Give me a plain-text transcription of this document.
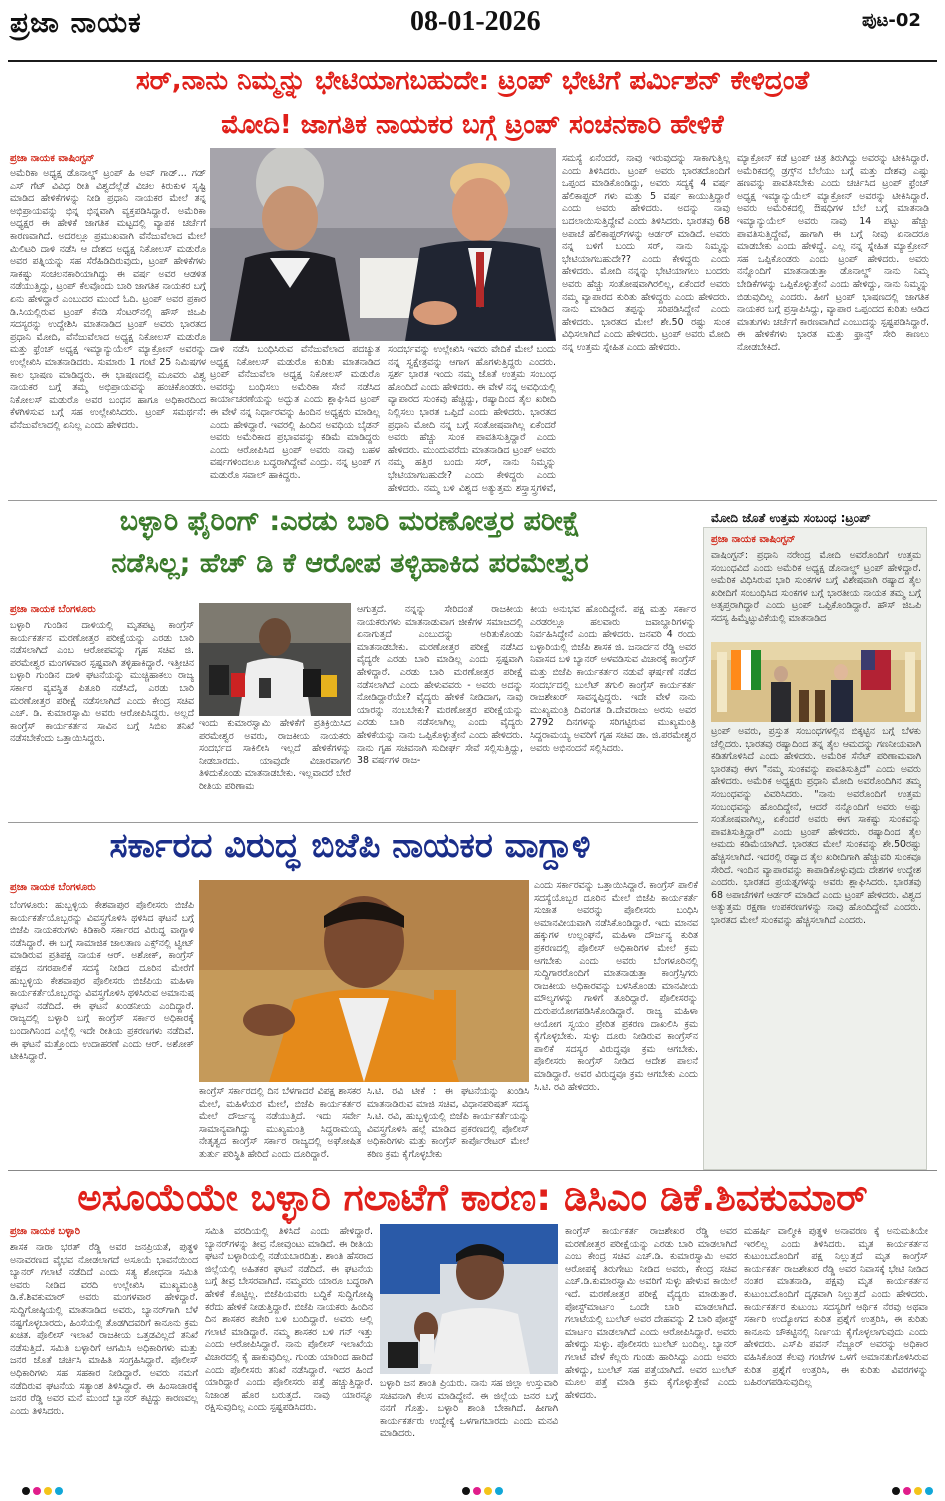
ಪ್ರಜಾ ನಾಯಕ	08-01-2026	ಪುಟ-02
ಸರ್,ನಾನು ನಿಮ್ಮನ್ನು ಭೇಟಿಯಾಗಬಹುದೇ: ಟ್ರಂಪ್ ಭೇಟಿಗೆ ಪರ್ಮಿಶನ್ ಕೇಳಿದ್ರಂತೆ
ಮೋದಿ! ಜಾಗತಿಕ ನಾಯಕರ ಬಗ್ಗೆ ಟ್ರಂಪ್ ಸಂಚನಕಾರಿ ಹೇಳಿಕೆ
ಪ್ರಜಾ ನಾಯಕ ವಾಷಿಂಗ್ಟನ್
ಅಮೆರಿಕಾ ಅಧ್ಯಕ್ಷ ಡೊನಾಲ್ಡ್ ಟ್ರಂಪ್ ಹಿ ಅವ್ ಗಾಡ್... ಗಡ್ ಎಸ್ ಗೆಟ್ ವಿವಿಧ ರೀತಿ ವಿಶ್ವದೆಲ್ಲೆಡೆ ವಿಚಲ ಕಿರುಕುಳ ಸೃಷ್ಟಿ ಮಾಡಿದ ಹೇಳಿಕೆಗಳನ್ನು ನೀಡಿ ಪ್ರಧಾನಿ ನಾಯಕರ ಮೇಲೆ ತನ್ನ ಅಭಿಪ್ರಾಯವನ್ನು ಭಿನ್ನ ಭಿನ್ನವಾಗಿ ವ್ಯಕ್ತಪಡಿಸಿದ್ದಾರೆ. ಅಮೆರಿಕಾ ಅಧ್ಯಕ್ಷರ ಈ ಹೇಳಿಕೆ ಜಾಗತಿಕ ಮಟ್ಟದಲ್ಲಿ ವ್ಯಾಪಕ ಚರ್ಚೆಗೆ ಕಾರಣವಾಗಿದೆ. ಅದರಲ್ಲೂ ಪ್ರಮುಖವಾಗಿ ವೆನೆಜುವೆಲಾದ ಮೇಲೆ ಮಿಲಿಟರಿ ದಾಳಿ ನಡೆಸಿ ಆ ದೇಶದ ಅಧ್ಯಕ್ಷ ನಿಕೋಲಸ್ ಮಡುರೊ ಅವರ ಪತ್ನಿಯನ್ನು ಸಹ ಸೆರೆಹಿಡಿದಿರುವುದು, ಟ್ರಂಪ್ ಹೇಳಿಕೆಗಳು ಸಾಕಷ್ಟು ಸಂಚಲನಕಾರಿಯಾಗಿದ್ದು ಈ ವರ್ಷ ಅವರ ಆಡಳಿತ ನಡೆಯುತ್ತಿದ್ದು, ಟ್ರಂಪ್ ಕೆಲವೊಂದು ಬಾರಿ ಜಾಗತಿಕ ನಾಯಕರ ಬಗ್ಗೆ ಏನು ಹೇಳಿದ್ದಾರೆ ಎಂಬುದರ ಮುಂದೆ ಓದಿ. ಟ್ರಂಪ್ ಅವರ ಪ್ರಕಾರ ಡಿ.ಸಿಯಲ್ಲಿರುವ ಟ್ರಂಪ್ ಕೆನಡಿ ಸೆಂಟರ್‌ನಲ್ಲಿ ಹೌಸ್ ಜಿಒಪಿ ಸದಸ್ಯರನ್ನು ಉದ್ದೇಶಿಸಿ ಮಾತನಾಡಿದ ಟ್ರಂಪ್ ಅವರು ಭಾರತದ ಪ್ರಧಾನಿ ಮೋದಿ, ವೆನೆಜುವೆಲಾದ ಅಧ್ಯಕ್ಷ ನಿಕೋಲಸ್ ಮಡುರೊ ಮತ್ತು ಫ್ರೆಂಚ್ ಅಧ್ಯಕ್ಷ ಇಮ್ಯಾನ್ಯುಯೆಲ್ ಮ್ಯಾಕ್ರೋನ್ ಅವರನ್ನು ಉಲ್ಲೇಖಿಸಿ ಮಾತನಾಡಿದರು. ಸುಮಾರು 1 ಗಂಟೆ 25 ನಿಮಿಷಗಳ ಕಾಲ ಭಾಷಣ ಮಾಡಿದ್ದರು. ಈ ಭಾಷಣದಲ್ಲಿ ಮೂವರು ವಿಶ್ವ ನಾಯಕರ ಬಗ್ಗೆ ತಮ್ಮ ಅಭಿಪ್ರಾಯವನ್ನು ಹಂಚಿಕೊಂಡರು. ನಿಕೋಲಸ್ ಮಡುರೊ ಅವರ ಬಂಧನ ಹಾಗೂ ಅಧಿಕಾರದಿಂದ ಕೆಳಗಿಳಿಸುವ ಬಗ್ಗೆ ಸಹ ಉಲ್ಲೇಖಿಸಿದರು. ಟ್ರಂಪ್ ಸಮರ್ಥನೆ: ವೆನೆಜುವೆಲಾದಲ್ಲಿ ಏನಿಲ್ಲ ಎಂದು ಹೇಳಿದರು.
ದಾಳಿ ನಡೆಸಿ ಬಂಧಿಸಿರುವ ವೆನೆಜುವೆಲಾದ ಪದಚ್ಯುತ ಅಧ್ಯಕ್ಷ ನಿಕೋಲಸ್ ಮಡುರೊ ಕುರಿತು ಮಾತನಾಡಿದ ಟ್ರಂಪ್ ವೆನೆಜುವೆಲಾ ಅಧ್ಯಕ್ಷ ನಿಕೋಲಸ್ ಮಡುರೊ ಅವರನ್ನು ಬಂಧಿಸಲು ಅಮೆರಿಕಾ ಸೇನೆ ನಡೆಸಿದ ಕಾರ್ಯಾಚರಣೆಯನ್ನು ಅದ್ಭುತ ಎಂದು ಶ್ಲಾಘಿಸಿದ ಟ್ರಂಪ್ ಈ ವೇಳೆ ನನ್ನ ನಿರ್ಧಾರವನ್ನು ಹಿಂದಿನ ಅಧ್ಯಕ್ಷರು ಮಾಡಿಲ್ಲ ಎಂದು ಹೇಳಿದ್ದಾರೆ. ಇವರಲ್ಲಿ ಹಿಂದಿನ ಅವಧಿಯ ಬೈಡನ್ ಅವರು ಅಮೆರಿಕಾದ ಪ್ರಭಾವವನ್ನು ಕಡಿಮೆ ಮಾಡಿದ್ದರು ಎಂದು ಆರೋಪಿಸಿದ ಟ್ರಂಪ್ ಅವರು ನಾವು ಬಹಳ ವರ್ಷಗಳಿಂದಲೂ ಬದ್ಧರಾಗಿದ್ದೇವೆ ಎಂದ್ರು. ನನ್ನ ಟ್ರಂಪ್ ಗ ಮಡುರೊ ಸವಾಲ್ ಹಾಕಿದ್ದರು.
ಸಂದರ್ಭವನ್ನು ಉಲ್ಲೇಖಿಸಿ ಇವರು ವೇದಿಕೆ ಮೇಲೆ ಬಂದು ನನ್ನ ಸ್ವಕ್ಷೇತ್ರವನ್ನು ಆಗಾಗ ಹೊಗಳುತ್ತಿದ್ದರು ಎಂದರು. ಸ್ಪರ್ಶ ಭಾರತ ಇಂದು ನಮ್ಮ ಜೊತೆ ಉತ್ತಮ ಸಂಬಂಧ ಹೊಂದಿದೆ ಎಂದು ಹೇಳಿದರು. ಈ ವೇಳೆ ನನ್ನ ಅವಧಿಯಲ್ಲಿ ವ್ಯಾಪಾರದ ಸುಂಕವು ಹೆಚ್ಚಿದ್ದು, ರಷ್ಯಾದಿಂದ ತೈಲ ಖರೀದಿ ನಿಲ್ಲಿಸಲು ಭಾರತ ಒಪ್ಪಿದೆ ಎಂದು ಹೇಳಿದರು. ಭಾರತದ ಪ್ರಧಾನಿ ಮೋದಿ ನನ್ನ ಬಗ್ಗೆ ಸಂತೋಷವಾಗಿಲ್ಲ ಏಕೆಂದರೆ ಅವರು ಹೆಚ್ಚು ಸುಂಕ ಪಾವತಿಸುತ್ತಿದ್ದಾರೆ ಎಂದು ಹೇಳಿದರು. ಮುಂದುವರೆದು ಮಾತನಾಡಿದ ಟ್ರಂಪ್ ಅವರು ನಮ್ಮ ಹತ್ತಿರ ಬಂದು ಸರ್, ನಾನು ನಿಮ್ಮನ್ನು ಭೇಟಿಯಾಗಬಹುದೇ? ಎಂದು ಕೇಳಿದ್ದರು ಎಂದು ಹೇಳಿದರು. ನಮ್ಮ ಬಳಿ ವಿಶ್ವದ ಅತ್ಯುತ್ತಮ ಶಸ್ತ್ರಾಸ್ತ್ರಗಳಿವೆ,
ಸಮಸ್ಯೆ ಏನೆಂದರೆ, ನಾವು ಇರುವುದನ್ನು ಸಾಕಾಗುತ್ತಿಲ್ಲ ಎಂದು ತಿಳಿಸಿದರು. ಟ್ರಂಪ್ ಅವರು ಭಾರತದೊಂದಿಗೆ ಒಪ್ಪಂದ ಮಾಡಿಕೊಂಡಿದ್ದು, ಅವರು ಸದ್ಯಕ್ಕೆ 4 ವರ್ಷ ಹೆಲಿಕಾಪ್ಟರ್ ಗಳು ಮತ್ತು 5 ವರ್ಷ ಕಾಯುತ್ತಿದ್ದಾರೆ ಎಂದು ಅವರು ಹೇಳಿದರು. ಅದನ್ನು ನಾವು ಬದಲಾಯಿಸುತ್ತಿದ್ದೇವೆ ಎಂದು ತಿಳಿಸಿದರು. ಭಾರತವು 68 ಅಪಾಚೆ ಹೆಲಿಕಾಪ್ಟರ್‌ಗಳನ್ನು ಆರ್ಡರ್ ಮಾಡಿದೆ. ಅವರು ನನ್ನ ಬಳಿಗೆ ಬಂದು ಸರ್, ನಾನು ನಿಮ್ಮನ್ನು ಭೇಟಿಯಾಗಬಹುದೇ?? ಎಂದು ಕೇಳಿದ್ದರು ಎಂದು ಹೇಳಿದರು. ಮೋದಿ ನನ್ನನ್ನು ಭೇಟಿಯಾಗಲು ಬಂದರು ಅವರು ಹೆಚ್ಚು ಸಂತೋಷವಾಗಿರಲಿಲ್ಲ, ಏಕೆಂದರೆ ಅವರು ನಮ್ಮ ವ್ಯಾಪಾರದ ಕುರಿತು ಹೇಳಿದ್ದರು ಎಂದು ಹೇಳಿದರು. ನಾನು ಮಾಡಿದ ತಪ್ಪನ್ನು ಸರಿಪಡಿಸಿದ್ದೇನೆ ಎಂದು ಹೇಳಿದರು. ಭಾರತದ ಮೇಲೆ ಶೇ.50 ರಷ್ಟು ಸುಂಕ ವಿಧಿಸಲಾಗಿದೆ ಎಂದು ಹೇಳಿದರು. ಟ್ರಂಪ್ ಅವರು ಮೋದಿ ನನ್ನ ಉತ್ತಮ ಸ್ನೇಹಿತ ಎಂದು ಹೇಳಿದರು.
ಮ್ಯಾಕ್ರೋನ್ ಕಡೆ ಟ್ರಂಪ್ ಚಿತ್ರ ತಿರುಗಿದ್ದು ಅವರನ್ನು ಟೀಕಿಸಿದ್ದಾರೆ. ಅಮೆರಿಕದಲ್ಲಿ ಡ್ರಗ್ಸ್‌ನ ಬೆಲೆಯು ಬಗ್ಗೆ ಮತ್ತು ದೇಶವು ಎಷ್ಟು ಹಣವನ್ನು ಪಾವತಿಸಬೇಕು ಎಂದು ಚರ್ಚಿಸಿದ ಟ್ರಂಪ್ ಫ್ರೆಂಚ್ ಅಧ್ಯಕ್ಷ ಇಮ್ಯಾನ್ಯುಯೆಲ್ ಮ್ಯಾಕ್ರೋನ್ ಅವರನ್ನು ಟೀಕಿಸಿದ್ದಾರೆ. ಅವರು ಅಮೆರಿಕದಲ್ಲಿ ಔಷಧಿಗಳ ಬೆಲೆ ಬಗ್ಗೆ ಮಾತನಾಡಿ ಇಮ್ಯಾನ್ಯುಯೆಲ್ ಅವರು ನಾವು 14 ಪಟ್ಟು ಹೆಚ್ಚು ಪಾವತಿಸುತ್ತಿದ್ದೇವೆ, ಹಾಗಾಗಿ ಈ ಬಗ್ಗೆ ನೀವು ಏನಾದರೂ ಮಾಡಬೇಕು ಎಂದು ಹೇಳಿದ್ದೆ. ಎಲ್ಲ ನನ್ನ ಸ್ನೇಹಿತ ಮ್ಯಾಕ್ರೋನ್ ಸಹ ಒಪ್ಪಿಕೊಂಡರು ಎಂದು ಟ್ರಂಪ್ ಹೇಳಿದರು. ಅವರು ನನ್ನೊಂದಿಗೆ ಮಾತನಾಡುತ್ತಾ ಡೊನಾಲ್ಡ್ ನಾನು ನಿಮ್ಮ ಬೇಡಿಕೆಗಳನ್ನು ಒಪ್ಪಿಕೊಳ್ಳುತ್ತೇನೆ ಎಂದು ಹೇಳಿದ್ದು, ನಾನು ನಿಮ್ಮನ್ನು ಬಿಡುವುದಿಲ್ಲ ಎಂದರು. ಹೀಗೆ ಟ್ರಂಪ್ ಭಾಷಣದಲ್ಲಿ ಜಾಗತಿಕ ನಾಯಕರ ಬಗ್ಗೆ ಪ್ರಸ್ತಾಪಿಸಿದ್ದು, ವ್ಯಾಪಾರ ಒಪ್ಪಂದದ ಕುರಿತು ಆಡಿದ ಮಾತುಗಳು ಚರ್ಚೆಗೆ ಕಾರಣವಾಗಿದೆ ಎಂಬುದನ್ನು ಸ್ಪಷ್ಟಪಡಿಸಿದ್ದಾರೆ. ಈ ಹೇಳಿಕೆಗಳು ಭಾರತ ಮತ್ತು ಫ್ರಾನ್ಸ್ ಸೇರಿ ಕಾಣಲು ನೋಡಬೇಕಿದೆ.
ಬಳ್ಳಾರಿ ಫೈರಿಂಗ್ :ಎರಡು ಬಾರಿ ಮರಣೋತ್ತರ ಪರೀಕ್ಷೆ
ನಡೆಸಿಲ್ಲ; ಹೆಚ್ ಡಿ ಕೆ ಆರೋಪ ತಳ್ಳಿಹಾಕಿದ ಪರಮೇಶ್ವರ
ಪ್ರಜಾ ನಾಯಕ ಬೆಂಗಳೂರು
ಬಳ್ಳಾರಿ ಗುಂಡಿನ ದಾಳಿಯಲ್ಲಿ ಮೃತಪಟ್ಟ ಕಾಂಗ್ರೆಸ್ ಕಾರ್ಯಕರ್ತನ ಮರಣೋತ್ತರ ಪರೀಕ್ಷೆಯನ್ನು ಎರಡು ಬಾರಿ ನಡೆಸಲಾಗಿದೆ ಎಂಬ ಆರೋಪವನ್ನು ಗೃಹ ಸಚಿವ ಜಿ. ಪರಮೇಶ್ವರ ಮಂಗಳವಾರ ಸ್ಪಷ್ಟವಾಗಿ ತಳ್ಳಿಹಾಕಿದ್ದಾರೆ. ಇತ್ತೀಚಿನ ಬಳ್ಳಾರಿ ಗುಂಡಿನ ದಾಳಿ ಘಟನೆಯನ್ನು ಮುಚ್ಚಿಹಾಕಲು ರಾಜ್ಯ ಸರ್ಕಾರ ವ್ಯವಸ್ಥಿತ ಪಿತೂರಿ ನಡೆಸಿದೆ, ಎರಡು ಬಾರಿ ಮರಣೋತ್ತರ ಪರೀಕ್ಷೆ ನಡೆಸಲಾಗಿದೆ ಎಂದು ಕೇಂದ್ರ ಸಚಿವ ಎಚ್. ಡಿ. ಕುಮಾರಸ್ವಾಮಿ ಅವರು ಆರೋಪಿಸಿದ್ದರು. ಅಲ್ಲದೆ ಕಾಂಗ್ರೆಸ್ ಕಾರ್ಯಕರ್ತನ ಸಾವಿನ ಬಗ್ಗೆ ಸಿಬಿಐ ತನಿಖೆ ನಡೆಸಬೇಕೆಂದು ಒತ್ತಾಯಿಸಿದ್ದರು.
ಇಂದು ಕುಮಾರಸ್ವಾಮಿ ಹೇಳಿಕೆಗೆ ಪ್ರತಿಕ್ರಿಯಿಸಿದ ಪರಮೇಶ್ವರ ಅವರು, ರಾಜಕೀಯ ನಾಯಕರು ಸಂದರ್ಭದ ಸಾಕಿಲೀಸಿ ಇಲ್ಲದೆ ಹೇಳಿಕೆಗಳನ್ನು ನೀಡಬಾರದು. ಯಾವುದೇ ವಿಚಾರವಾಗಲಿ ತಿಳಿದುಕೊಂಡು ಮಾತನಾಡಬೇಕು. ಇಲ್ಲವಾದರೆ ಬೇರೆ ರೀತಿಯ ಪರಿಣಾಮ
ಆಗುತ್ತದೆ. ನನ್ನನ್ನು ಸೇರಿದಂತೆ ರಾಜಕೀಯ ನಾಯಕರುಗಳು ಮಾತನಾಡುವಾಗ ಜೀಕೆಗಳ ಸಮಾಜದಲ್ಲಿ ಏನಾಗುತ್ತದೆ ಎಂಬುದನ್ನು ಅರಿತುಕೊಂಡು ಮಾತನಾಡಬೇಕು. ಮರಣೋತ್ತರ ಪರೀಕ್ಷೆ ನಡೆಸಿದ ವೈದ್ಯರೇ ಎರಡು ಬಾರಿ ಮಾಡಿಲ್ಲ ಎಂದು ಸ್ಪಷ್ಟವಾಗಿ ಹೇಳಿದ್ದಾರೆ. ಎರಡು ಬಾರಿ ಮರಣೋತ್ತರ ಪರೀಕ್ಷೆ ನಡೆಸಲಾಗಿದೆ ಎಂದು ಹೇಳುವವರು - ಅವರು ಅದನ್ನು ನೋಡಿದ್ದಾರೆಯೇ? ವೈದ್ಯರು ಹೇಳಿಕೆ ನೀಡಿದಾಗ, ನಾವು ಯಾರನ್ನು ನಂಬಬೇಕು? ಮರಣೋತ್ತರ ಪರೀಕ್ಷೆಯನ್ನು ಎರಡು ಬಾರಿ ನಡೆಸಲಾಗಿಲ್ಲ ಎಂದು ವೈದ್ಯರು ಹೇಳಿಕೆಯನ್ನು ನಾನು ಒಪ್ಪಿಕೊಳ್ಳುತ್ತೇನೆ ಎಂದು ಹೇಳಿದರು. ನಾನು ಗೃಹ ಸಚಿವನಾಗಿ ಸುದೀರ್ಘ ಸೇವೆ ಸಲ್ಲಿಸುತ್ತಿದ್ದು, 38 ವರ್ಷಗಳ ರಾಜ-
ಕೀಯ ಅನುಭವ ಹೊಂದಿದ್ದೇನೆ. ಪಕ್ಷ ಮತ್ತು ಸರ್ಕಾರ ಎರಡರಲ್ಲೂ ಹಲವಾರು ಜವಾಬ್ದಾರಿಗಳನ್ನು ನಿರ್ವಹಿಸಿದ್ದೇನೆ ಎಂದು ಹೇಳಿದರು. ಜನವರಿ 4 ರಂದು ಬಳ್ಳಾರಿಯಲ್ಲಿ ಬಿಜೆಪಿ ಶಾಸಕ ಜಿ. ಜನಾರ್ದನ ರೆಡ್ಡಿ ಅವರ ನಿವಾಸದ ಬಳಿ ಬ್ಯಾನರ್ ಅಳವಡಿಸುವ ವಿಚಾರಕ್ಕೆ ಕಾಂಗ್ರೆಸ್ ಮತ್ತು ಬಿಜೆಪಿ ಕಾರ್ಯಕರ್ತರ ನಡುವೆ ಘರ್ಷಣೆ ನಡೆದ ಸಂದರ್ಭದಲ್ಲಿ ಬುಲೆಟ್ ತಗುಲಿ ಕಾಂಗ್ರೆಸ್ ಕಾರ್ಯಕರ್ತ ರಾಜಶೇಖರ್ ಸಾವನ್ನಪ್ಪಿದ್ದರು. ಇದೇ ವೇಳೆ ನಾನು ಮುಖ್ಯಮಂತ್ರಿ ದಿವಂಗತ ಡಿ.ದೇವರಾಜು ಅರಸು ಅವರ 2792 ದಿನಗಳನ್ನು ಸರಿಗಟ್ಟಿರುವ ಮುಖ್ಯಮಂತ್ರಿ ಸಿದ್ದರಾಮಯ್ಯ ಅವರಿಗೆ ಗೃಹ ಸಚಿವ ಡಾ. ಜಿ.ಪರಮೇಶ್ವರ ಅವರು ಅಭಿನಂದನೆ ಸಲ್ಲಿಸಿದರು.
ಸರ್ಕಾರದ ವಿರುದ್ಧ ಬಿಜೆಪಿ ನಾಯಕರ ವಾಗ್ದಾಳಿ
ಪ್ರಜಾ ನಾಯಕ ಬೆಂಗಳೂರು
ಬೆಂಗಳೂರು: ಹುಬ್ಬಳ್ಳಿಯ ಕೇಶವಾಪುರ ಪೊಲೀಸರು ಬಿಜೆಪಿ ಕಾರ್ಯಕರ್ತೆಯೊಬ್ಬರನ್ನು ವಿವಸ್ತ್ರಗೊಳಿಸಿ ಥಳಿಸಿದ ಘಟನೆ ಬಗ್ಗೆ ಬಿಜೆಪಿ ನಾಯಕರುಗಳು ಕಿಡಿಕಾರಿ ಸರ್ಕಾರದ ವಿರುದ್ಧ ವಾಗ್ದಾಳಿ ನಡೆಸಿದ್ದಾರೆ. ಈ ಬಗ್ಗೆ ಸಾಮಾಜಿಕ ಜಾಲತಾಣ ಎಕ್ಸ್‌ನಲ್ಲಿ ಟ್ವೀಟ್ ಮಾಡಿರುವ ಪ್ರತಿಪಕ್ಷ ನಾಯಕ ಆರ್. ಅಶೋಕ್, ಕಾಂಗ್ರೆಸ್ ಪಕ್ಷದ ನಗರಪಾಲಿಕೆ ಸದಸ್ಯೆ ನೀಡಿದ ದೂರಿನ ಮೇರೆಗೆ ಹುಬ್ಬಳ್ಳಿಯ ಕೇಶವಾಪುರ ಪೊಲೀಸರು ಬಿಜೆಪಿಯ ಮಹಿಳಾ ಕಾರ್ಯಕರ್ತೆಯೊಬ್ಬರನ್ನು ವಿವಸ್ತ್ರಗೊಳಿಸಿ ಥಳಿಸಿರುವ ಅಮಾನುಷ ಘಟನೆ ನಡೆದಿದೆ. ಈ ಘಟನೆ ಖಂಡನೀಯ ಎಂದಿದ್ದಾರೆ. ರಾಜ್ಯದಲ್ಲಿ ಬಳ್ಳಾರಿ ಬಗ್ಗೆ ಕಾಂಗ್ರೆಸ್ ಸರ್ಕಾರ ಅಧಿಕಾರಕ್ಕೆ ಬಂದಾಗಿನಿಂದ ಎಲ್ಲೆಲ್ಲಿ ಇದೇ ರೀತಿಯ ಪ್ರಕರಣಗಳು ನಡೆದಿವೆ. ಈ ಘಟನೆ ಮತ್ತೊಂದು ಉದಾಹರಣೆ ಎಂದು ಆರ್. ಅಶೋಕ್ ಟೀಕಿಸಿದ್ದಾರೆ.
ಕಾಂಗ್ರೆಸ್ ಸರ್ಕಾರದಲ್ಲಿ ದಿನ ಬೆಳಗಾದರೆ ವಿಪಕ್ಷ ಶಾಸಕರ ಮೇಲೆ, ಮಹಿಳೆಯರ ಮೇಲೆ, ಬಿಜೆಪಿ ಕಾರ್ಯಕರ್ತರ ಮೇಲೆ ದೌರ್ಜನ್ಯ ನಡೆಯುತ್ತಿದೆ. ಇದು ಸರ್ವೇ ಸಾಮಾನ್ಯವಾಗಿದ್ದು ಮುಖ್ಯಮಂತ್ರಿ ಸಿದ್ದರಾಮಯ್ಯ ನೇತೃತ್ವದ ಕಾಂಗ್ರೆಸ್ ಸರ್ಕಾರ ರಾಜ್ಯದಲ್ಲಿ ಅಘೋಷಿತ ತುರ್ತು ಪರಿಸ್ಥಿತಿ ಹೇರಿದೆ ಎಂದು ದೂರಿದ್ದಾರೆ.
ಸಿ.ಟಿ. ರವಿ ಟೀಕೆ : ಈ ಘಟನೆಯನ್ನು ಖಂಡಿಸಿ ಮಾತನಾಡಿರುವ ಮಾಜಿ ಸಚಿವ, ವಿಧಾನಪರಿಷತ್ ಸದಸ್ಯ ಸಿ.ಟಿ. ರವಿ, ಹುಬ್ಬಳ್ಳಿಯಲ್ಲಿ ಬಿಜೆಪಿ ಕಾರ್ಯಕರ್ತೆಯನ್ನು ವಿವಸ್ತ್ರಗೊಳಿಸಿ ಹಲ್ಲೆ ಮಾಡಿದ ಪ್ರಕರಣದಲ್ಲಿ ಪೊಲೀಸ್ ಅಧಿಕಾರಿಗಳು ಮತ್ತು ಕಾಂಗ್ರೆಸ್ ಕಾರ್ಪೊರೇಟರ್ ಮೇಲೆ ಕಠಿಣ ಕ್ರಮ ಕೈಗೊಳ್ಳಬೇಕು
ಎಂದು ಸರ್ಕಾರವನ್ನು ಒತ್ತಾಯಿಸಿದ್ದಾರೆ. ಕಾಂಗ್ರೆಸ್ ಪಾಲಿಕೆ ಸದಸ್ಯೆಯೊಬ್ಬರ ದೂರಿನ ಮೇಲೆ ಬಿಜೆಪಿ ಕಾರ್ಯಕರ್ತೆ ಸುಜಾತ ಅವರನ್ನು ಪೊಲೀಸರು ಬಂಧಿಸಿ ಅಮಾನವೀಯವಾಗಿ ನಡೆಸಿಕೊಂಡಿದ್ದಾರೆ. ಇದು ಮಾನವ ಹಕ್ಕುಗಳ ಉಲ್ಲಂಘನೆ, ಮಹಿಳಾ ದೌರ್ಜನ್ಯ ಕುರಿತ ಪ್ರಕರಣದಲ್ಲಿ ಪೊಲೀಸ್ ಅಧಿಕಾರಿಗಳ ಮೇಲೆ ಕ್ರಮ ಆಗಬೇಕು ಎಂದು ಅವರು ಬೆಂಗಳೂರಿನಲ್ಲಿ ಸುದ್ದಿಗಾರರೊಂದಿಗೆ ಮಾತನಾಡುತ್ತಾ ಕಾಂಗ್ರೆಸ್ಸಿಗರು ರಾಜಕೀಯ ಅಧಿಕಾರವನ್ನು ಬಳಸಿಕೊಂಡು ಮಾನವೀಯ ಮೌಲ್ಯಗಳನ್ನು ಗಾಳಿಗೆ ತೂರಿದ್ದಾರೆ. ಪೊಲೀಸರನ್ನು ದುರುಪಯೋಗಪಡಿಸಿಕೊಂಡಿದ್ದಾರೆ. ರಾಜ್ಯ ಮಹಿಳಾ ಆಯೋಗ ಸ್ವಯಂ ಪ್ರೇರಿತ ಪ್ರಕರಣ ದಾಖಲಿಸಿ ಕ್ರಮ ಕೈಗೊಳ್ಳಬೇಕು. ಸುಳ್ಳು ದೂರು ನೀಡಿರುವ ಕಾಂಗ್ರೆಸ್‌ನ ಪಾಲಿಕೆ ಸದಸ್ಯರ ವಿರುದ್ಧವೂ ಕ್ರಮ ಆಗಬೇಕು. ಪೊಲೀಸರು ಕಾಂಗ್ರೆಸ್ ನೀಡಿದ ಆದೇಶ ಪಾಲನೆ ಮಾಡಿದ್ದಾರೆ. ಅವರ ವಿರುದ್ಧವೂ ಕ್ರಮ ಆಗಬೇಕು ಎಂದು ಸಿ.ಟಿ. ರವಿ ಹೇಳಿದರು.
ಮೋದಿ ಜೊತೆ ಉತ್ತಮ ಸಂಬಂಧ :ಟ್ರಂಪ್
ಪ್ರಜಾ ನಾಯಕ ವಾಷಿಂಗ್ಟನ್
ವಾಷಿಂಗ್ಟನ್: ಪ್ರಧಾನಿ ನರೇಂದ್ರ ಮೋದಿ ಅವರೊಂದಿಗೆ ಉತ್ತಮ ಸಂಬಂಧವಿದೆ ಎಂದು ಅಮೆರಿಕ ಅಧ್ಯಕ್ಷ ಡೊನಾಲ್ಡ್ ಟ್ರಂಪ್ ಹೇಳಿದ್ದಾರೆ. ಅಮೆರಿಕ ವಿಧಿಸಿರುವ ಭಾರಿ ಸುಂಕಗಳ ಬಗ್ಗೆ ವಿಶೇಷವಾಗಿ ರಷ್ಯಾದ ತೈಲ ಖರೀದಿಗೆ ಸಂಬಂಧಿಸಿದ ಸುಂಕಗಳ ಬಗ್ಗೆ ಭಾರತೀಯ ನಾಯಕ ತಮ್ಮ ಬಗ್ಗೆ ಅತೃಪ್ತರಾಗಿದ್ದಾರೆ ಎಂದು ಟ್ರಂಪ್ ಒಪ್ಪಿಕೊಂಡಿದ್ದಾರೆ. ಹೌಸ್ ಜಿಒಪಿ ಸದಸ್ಯ ಹಿಮ್ಮೆಟ್ಟುವಿಕೆಯಲ್ಲಿ ಮಾತನಾಡಿದ
ಟ್ರಂಪ್ ಅವರು, ಪ್ರಸ್ತುತ ಸಂಬಂಧಗಳಲ್ಲಿನ ಬಿಕ್ಕಟ್ಟಿನ ಬಗ್ಗೆ ಬೆಳಕು ಚೆಲ್ಲಿದರು. ಭಾರತವು ರಷ್ಯಾದಿಂದ ತನ್ನ ತೈಲ ಆಮದನ್ನು ಗಣನೀಯವಾಗಿ ಕಡಿತಗೊಳಿಸಿದೆ ಎಂದು ಹೇಳಿದರು. ಅಮೆರಿಕ ಸೆನೆಟ್ ಪರಿಣಾಮವಾಗಿ ಭಾರತವು ಈಗ "ನಮ್ಮ ಸುಂಕವನ್ನು ಪಾವತಿಸುತ್ತಿದೆ" ಎಂದು ಅವರು ಹೇಳಿದರು. ಅಮೆರಿಕ ಅಧ್ಯಕ್ಷರು ಪ್ರಧಾನಿ ಮೋದಿ ಅವರೊಂದಿಗಿನ ತಮ್ಮ ಸಂಬಂಧವನ್ನು ವಿವರಿಸಿದರು. "ನಾನು ಅವರೊಂದಿಗೆ ಉತ್ತಮ ಸಂಬಂಧವನ್ನು ಹೊಂದಿದ್ದೇನೆ, ಆದರೆ ನನ್ನೊಂದಿಗೆ ಅವರು ಅಷ್ಟು ಸಂತೋಷವಾಗಿಲ್ಲ, ಏಕೆಂದರೆ ಅವರು ಈಗ ಸಾಕಷ್ಟು ಸುಂಕವನ್ನು ಪಾವತಿಸುತ್ತಿದ್ದಾರೆ" ಎಂದು ಟ್ರಂಪ್ ಹೇಳಿದರು. ರಷ್ಯಾದಿಂದ ತೈಲ ಆಮದು ಕಡಿಮೆಯಾಗಿದೆ. ಭಾರತದ ಮೇಲೆ ಸುಂಕವನ್ನು ಶೇ.50ರಷ್ಟು ಹೆಚ್ಚಿಸಲಾಗಿದೆ. ಇದರಲ್ಲಿ ರಷ್ಯಾದ ತೈಲ ಖರೀದಿಗಾಗಿ ಹೆಚ್ಚುವರಿ ಸುಂಕವೂ ಸೇರಿದೆ. ಇಂದಿನ ವ್ಯಾಪಾರವನ್ನು ಕಾಪಾಡಿಕೊಳ್ಳುವುದು ದೇಶಗಳ ಉದ್ದೇಶ ಎಂದರು. ಭಾರತದ ಪ್ರಯತ್ನಗಳನ್ನು ಅವರು ಶ್ಲಾಘಿಸಿದರು. ಭಾರತವು 68 ಅಪಾಚೆಗಳಿಗೆ ಆರ್ಡರ್ ಮಾಡಿದೆ ಎಂದು ಟ್ರಂಪ್ ಹೇಳಿದರು. ವಿಶ್ವದ ಅತ್ಯುತ್ತಮ ರಕ್ಷಣಾ ಉಪಕರಣಗಳನ್ನು ನಾವು ಹೊಂದಿದ್ದೇವೆ ಎಂದರು. ಭಾರತದ ಮೇಲೆ ಸುಂಕವನ್ನು ಹೆಚ್ಚಿಸಲಾಗಿದೆ ಎಂದರು.
ಅಸೂಯೆಯೇ ಬಳ್ಳಾರಿ ಗಲಾಟೆಗೆ ಕಾರಣ: ಡಿಸಿಎಂ ಡಿಕೆ.ಶಿವಕುಮಾರ್
ಪ್ರಜಾ ನಾಯಕ ಬಳ್ಳಾರಿ
ಶಾಸಕ ನಾರಾ ಭರತ್ ರೆಡ್ಡಿ ಅವರ ಜನಪ್ರಿಯತೆ, ಪುತ್ಥಳಿ ಅನಾವರಣದ ವೈಭವ ನೋಡಲಾಗದೆ ಅಸೂಯೆ ಭಾವನೆಯಿಂದ ಬ್ಯಾನರ್ ಗಲಾಟೆ ನಡೆದಿದೆ ಎಂದು ಸತ್ಯ ಶೋಧನಾ ಸಮಿತಿ ಅವರು ನೀಡಿದ ವರದಿ ಉಲ್ಲೇಖಿಸಿ ಮುಖ್ಯಮಂತ್ರಿ ಡಿ.ಕೆ.ಶಿವಕುಮಾರ್ ಅವರು ಮಂಗಳವಾರ ಹೇಳಿದ್ದಾರೆ. ಸುದ್ದಿಗೋಷ್ಠಿಯಲ್ಲಿ ಮಾತನಾಡಿದ ಅವರು, ಬ್ಯಾನರ್‌ಗಾಗಿ ಬೆಳೆ ನಷ್ಟಗೊಳ್ಳಬಾರದು, ಹಿಂಸೆಯಲ್ಲಿ ತೊಡಗಿದವರಿಗೆ ಕಾನೂನು ಕ್ರಮ ಖಚಿತ. ಪೊಲೀಸ್ ಇಲಾಖೆ ರಾಜಕೀಯ ಒತ್ತಡವಿಲ್ಲದೆ ತನಿಖೆ ನಡೆಸುತ್ತಿದೆ. ಸಮಿತಿ ಬಳ್ಳಾರಿಗೆ ಆಗಮಿಸಿ ಅಧಿಕಾರಿಗಳು ಮತ್ತು ಜನರ ಜೊತೆ ಚರ್ಚಿಸಿ ಮಾಹಿತಿ ಸಂಗ್ರಹಿಸಿದ್ದಾರೆ. ಪೊಲೀಸ್ ಅಧಿಕಾರಿಗಳು ಸಹ ಸಹಕಾರ ನೀಡಿದ್ದಾರೆ. ಅವರು ನಮಗೆ ನಡೆದಿರುವ ಘಟನೆಯ ಸತ್ಯಾಂಶ ತಿಳಿಸಿದ್ದಾರೆ. ಈ ಹಿಂಸಾಚಾರಕ್ಕೆ ಜನರ ರೆಡ್ಡಿ ಅವರ ಮನೆ ಮುಂದೆ ಬ್ಯಾನರ್ ಕಟ್ಟಿದ್ದು ಕಾರಣವಲ್ಲ ಎಂದು ತಿಳಿಸಿದರು.
ಸಮಿತಿ ವರದಿಯಲ್ಲಿ ತಿಳಿಸಿದೆ ಎಂದು ಹೇಳಿದ್ದಾರೆ. ಬ್ಯಾನರ್‌ಗಳನ್ನು ತೀವ್ರ ನೋವುಂಟು ಮಾಡಿದೆ. ಈ ರೀತಿಯ ಘಟನೆ ಬಳ್ಳಾರಿಯಲ್ಲಿ ನಡೆಯಬಾರದಿತ್ತು. ಶಾಂತಿ ಹೆಸರಾದ ಜಿಲ್ಲೆಯಲ್ಲಿ ಅಹಿತಕರ ಘಟನೆ ನಡೆದಿದೆ. ಈ ಘಟನೆಯ ಬಗ್ಗೆ ತೀವ್ರ ಬೇಸರವಾಗಿದೆ. ನಮ್ಮವರು ಯಾರೂ ಬದ್ಧರಾಗಿ ಹೇಳಿಕೆ ಕೊಟ್ಟಿಲ್ಲ. ಬಿಜೆಪಿಯವರು ಬದ್ಧಿಕೆ ಸುದ್ದಿಗೋಷ್ಠಿ ಕರೆದು ಹೇಳಿಕೆ ನೀಡುತ್ತಿದ್ದಾರೆ. ಬಿಜೆಪಿ ನಾಯಕರು ಹಿಂದಿನ ದಿನ ಶಾಸಕರ ಕಚೇರಿ ಬಳಿ ಬಂದಿದ್ದಾರೆ. ಅವರು ಆಲ್ಲಿ ಗಲಾಟೆ ಮಾಡಿದ್ದಾರೆ. ನಮ್ಮ ಶಾಸಕರ ಬಳಿ ಗನ್ ಇತ್ತು ಎಂದು ಆರೋಪಿಸಿದ್ದಾರೆ. ನಾನು ಪೊಲೀಸ್ ಇಲಾಖೆಯ ವಿಚಾರದಲ್ಲಿ ಕೈ ಹಾಕುವುದಿಲ್ಲ. ಗುಂಡು ಯಾರಿಂದ ಹಾರಿದೆ ಎಂದು ಪೊಲೀಸರು ತನಿಖೆ ನಡೆಸಿದ್ದಾರೆ. ಇದರ ಹಿಂದೆ ಯಾರಿದ್ದಾರೆ ಎಂದು ಪೊಲೀಸರು ಪತ್ತೆ ಹಚ್ಚುತ್ತಿದ್ದಾರೆ. ನಿಜಾಂಶ ಹೊರ ಬರುತ್ತದೆ. ನಾವು ಯಾರನ್ನೂ ರಕ್ಷಿಸುವುದಿಲ್ಲ ಎಂದು ಸ್ಪಷ್ಟಪಡಿಸಿದರು.
ಬಳ್ಳಾರಿ ಜನ ಶಾಂತಿ ಪ್ರಿಯರು. ನಾನು ಸಹ ಜಿಲ್ಲಾ ಉಸ್ತುವಾರಿ ಸಚಿವನಾಗಿ ಕೆಲಸ ಮಾಡಿದ್ದೇನೆ. ಈ ಜಿಲ್ಲೆಯ ಜನರ ಬಗ್ಗೆ ನನಗೆ ಗೊತ್ತು. ಬಳ್ಳಾರಿ ಶಾಂತಿ ಬೇಕಾಗಿದೆ. ಹೀಗಾಗಿ ಕಾರ್ಯಕರ್ತರು ಉದ್ವೇಕ್ಕೆ ಒಳಗಾಗಬಾರದು ಎಂದು ಮನವಿ ಮಾಡಿದರು.
ಕಾಂಗ್ರೆಸ್ ಕಾರ್ಯಕರ್ತ ರಾಜಶೇಖರ ರೆಡ್ಡಿ ಅವರ ಮರಣೋತ್ತರ ಪರೀಕ್ಷೆಯನ್ನು ಎರಡು ಬಾರಿ ಮಾಡಲಾಗಿದೆ ಎಂಬ ಕೇಂದ್ರ ಸಚಿವ ಎಚ್.ಡಿ. ಕುಮಾರಸ್ವಾಮಿ ಅವರ ಆರೋಪಕ್ಕೆ ತಿರುಗೇಟು ನೀಡಿದ ಅವರು, ಕೇಂದ್ರ ಸಚಿವ ಎಚ್.ಡಿ.ಕುಮಾರಸ್ವಾಮಿ ಅವರಿಗೆ ಸುಳ್ಳು ಹೇಳುವ ಕಾಯಿಲೆ ಇದೆ. ಮರಣೋತ್ತರ ಪರೀಕ್ಷೆ ವೈದ್ಯರು ಮಾಡುತ್ತಾರೆ. ಪೋಸ್ಟ್‌ಮಾರ್ಟಂ ಒಂದೇ ಬಾರಿ ಮಾಡಲಾಗಿದೆ. ಗಲಾಟೆಯಲ್ಲಿ ಬುಲೆಟ್ ಅವರ ದೇಹವನ್ನು 2 ಬಾರಿ ಪೋಸ್ಟ್ ಮಾರ್ಟಂ ಮಾಡಲಾಗಿದೆ ಎಂದು ಆರೋಪಿಸಿದ್ದಾರೆ. ಅವರು ಹೇಳಿದ್ದು ಸುಳ್ಳು. ಪೊಲೀಸರು ಬುಲೆಟ್ ಬಂದಿಲ್ಲ. ಬ್ಯಾನರ್ ಗಲಾಟೆ ವೇಳೆ ಕೆಲ್ಲರು ಗುಂಡು ಹಾರಿಸಿದ್ದು ಎಂದು ಅವರು ಹೇಳಿದ್ದು, ಬುಲೆಟ್ ಸಹ ಪತ್ತೆಯಾಗಿದೆ. ಅವರ ಬುಲೆಟ್ ಮೂಲ ಪತ್ತೆ ಮಾಡಿ ಕ್ರಮ ಕೈಗೊಳ್ಳುತ್ತೇವೆ ಎಂದು ಹೇಳಿದರು.
ಮಹರ್ಷಿ ವಾಲ್ಮೀಕಿ ಪುತ್ಥಳಿ ಅನಾವರಣ ಕ್ಕೆ ಅನುಮತಿಯೇ ಇರಲಿಲ್ಲ ಎಂದು ತಿಳಿಸಿದರು. ಮೃತ ಕಾರ್ಯಕರ್ತನ ಕುಟುಂಬದೊಂದಿಗೆ ಪಕ್ಷ ನಿಲ್ಲುತ್ತದೆ ಮೃತ ಕಾಂಗ್ರೆಸ್ ಕಾರ್ಯಕರ್ತ ರಾಜಶೇಖರ ರೆಡ್ಡಿ ಅವರ ನಿವಾಸಕ್ಕೆ ಭೇಟಿ ನೀಡಿದ ನಂತರ ಮಾತನಾಡಿ, ಪಕ್ಷವು ಮೃತ ಕಾರ್ಯಕರ್ತನ ಕುಟುಂಬದೊಂದಿಗೆ ದೃಢವಾಗಿ ನಿಲ್ಲುತ್ತದೆ ಎಂದು ಹೇಳಿದರು. ಕಾರ್ಯಕರ್ತರ ಕುಟುಂಬ ಸದಸ್ಯರಿಗೆ ಆರ್ಥಿಕ ನೆರವು ಅಥವಾ ಸರ್ಕಾರಿ ಉದ್ಯೋಗದ ಕುರಿತ ಪ್ರಶ್ನೆಗೆ ಉತ್ತರಿಸಿ, ಈ ಕುರಿತು ಕಾನೂನು ಚೌಕಟ್ಟಿನಲ್ಲಿ ನಿರ್ಣಯ ಕೈಗೊಳ್ಳಲಾಗುವುದು ಎಂದು ಹೇಳಿದರು. ಎಸ್‌ಪಿ ಪವನ್ ನೆಜ್ಜೂರ್ ಅವರನ್ನು ಅಧಿಕಾರ ವಹಿಸಿಕೊಂಡ ಕೆಲವು ಗಂಟೆಗಳ ಒಳಗೆ ಅಮಾನತುಗೊಳಿಸಿರುವ ಕುರಿತ ಪ್ರಶ್ನೆಗೆ ಉತ್ತರಿಸಿ, ಈ ಕುರಿತು ವಿವರಗಳನ್ನು ಬಹಿರಂಗಪಡಿಸುವುದಿಲ್ಲ
